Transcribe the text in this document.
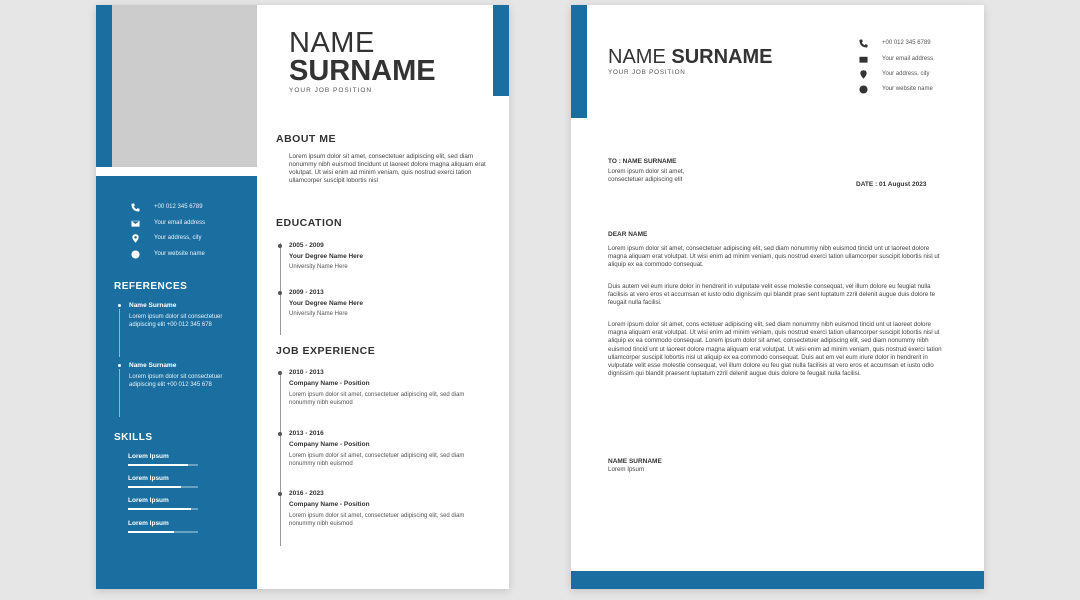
+00 012 345 6789
Your email address
Your address, city
Your website name
REFERENCES
Name Surname
Lorem ipsum dolor sit consectetuer adipiscing elit +00 012 345 678
Name Surname
Lorem ipsum dolor sit consectetuer adipiscing elit +00 012 345 678
SKILLS
Lorem Ipsum
Lorem Ipsum
Lorem Ipsum
Lorem Ipsum
NAME
SURNAME
YOUR JOB POSITION
ABOUT ME
Lorem ipsum dolor sit amet, consectetuer adipiscing elit, sed diam nonummy nibh euismod tincidunt ut laoreet dolore magna aliquam erat volutpat. Ut wisi enim ad minim veniam, quis nostrud exerci tation ullamcorper suscipit lobortis nisl
EDUCATION
2005 - 2009
Your Degree Name Here
University Name Here
2009 - 2013
Your Degree Name Here
University Name Here
JOB EXPERIENCE
2010 - 2013
Company Name - Position
Lorem ipsum dolor sit amet, consectetuer adipiscing elit, sed diam nonummy nibh euismod
2013 - 2016
Company Name - Position
Lorem ipsum dolor sit amet, consectetuer adipiscing elit, sed diam nonummy nibh euismod
2016 - 2023
Company Name - Position
Lorem ipsum dolor sit amet, consectetuer adipiscing elit, sed diam nonummy nibh euismod
NAME SURNAME
YOUR JOB POSITION
+00 012 345 6789
Your email address
Your address, city
Your website name
TO : NAME SURNAME
Lorem ipsum dolor sit amet, consectetuer adipiscing elit
DATE : 01 August 2023
DEAR NAME
Lorem ipsum dolor sit amet, consectetuer adipiscing elit, sed diam nonummy nibh euismod tincid unt ut laoreet dolore magna aliquam erat volutpat. Ut wisi enim ad minim veniam, quis nostrud exerci tation ullamcorper suscipit lobortis nisl ut aliquip ex ea commodo consequat.
Duis autem vel eum iriure dolor in hendrerit in vulputate velit esse molestie consequat, vel illum dolore eu feugiat nulla facilisis at vero eros et accumsan et iusto odio dignissim qui blandit prae sent luptatum zzril delenit augue duis dolore te feugait nulla facilisi.
Lorem ipsum dolor sit amet, cons ectetuer adipiscing elit, sed diam nonummy nibh euismod tincid unt ut laoreet dolore magna aliquam erat volutpat. Ut wisi enim ad minim veniam, quis nostrud exerci tation ullamcorper suscipit lobortis nisl ut aliquip ex ea commodo consequat. Lorem ipsum dolor sit amet, consectetuer adipiscing elit, sed diam nonummy nibh euismod tincid unt ut laoreet dolore magna aliquam erat volutpat. Ut wisi enim ad minim veniam, quis nostrud exerci tation ullamcorper suscipit lobortis nisl ut aliquip ex ea commodo consequat. Duis aut em vel eum iriure dolor in hendrerit in vulputate velit esse molestie consequat, vel illum dolore eu feu giat nulla facilisis at vero eros et accumsan et iusto odio dignissim qui blandit praesent luptatum zzril delenit augue duis dolore te feugait nulla facilisi.
NAME SURNAME
Lorem Ipsum
